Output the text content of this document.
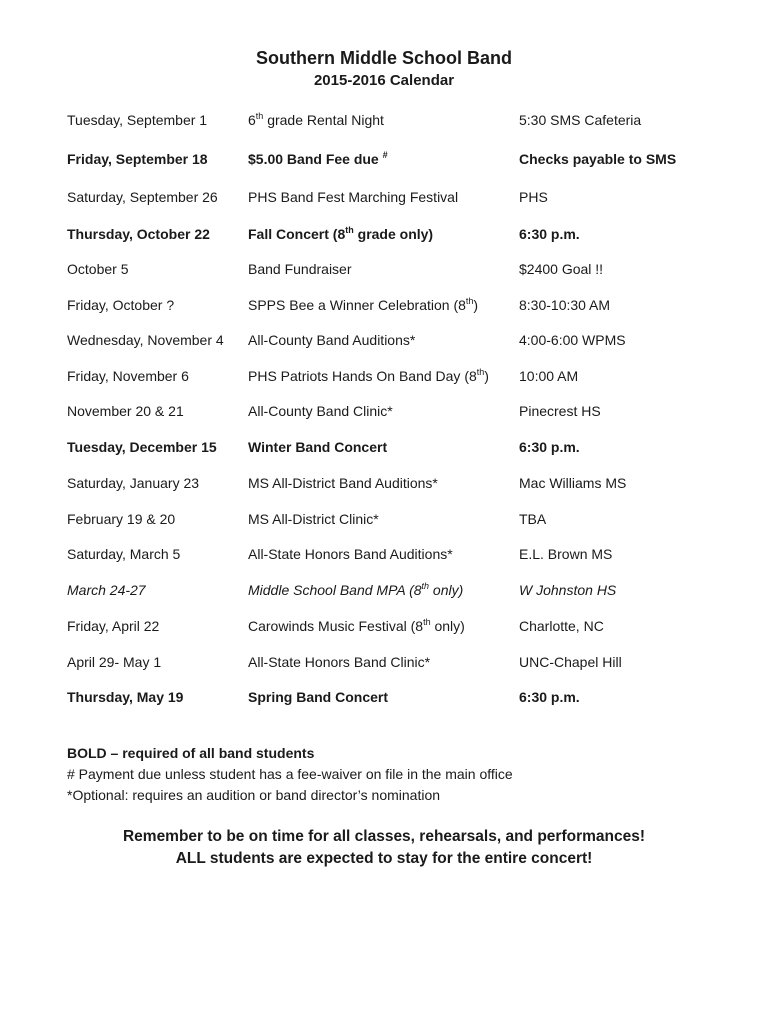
Southern Middle School Band
2015-2016 Calendar
Tuesday, September 1	6th grade Rental Night	5:30 SMS Cafeteria
Friday, September 18	$5.00 Band Fee due #	Checks payable to SMS
Saturday, September 26 PHS Band Fest Marching Festival	PHS
Thursday, October 22	Fall Concert (8th grade only)	6:30 p.m.
October 5	Band Fundraiser	$2400 Goal !!
Friday, October ?	SPPS Bee a Winner Celebration (8th)	8:30-10:30 AM
Wednesday, November 4 All-County Band Auditions*	4:00-6:00 WPMS
Friday, November 6	PHS Patriots Hands On Band Day (8th) 10:00 AM
November 20 & 21	All-County Band Clinic*	Pinecrest HS
Tuesday, December 15 Winter Band Concert	6:30 p.m.
Saturday, January 23	MS All-District Band Auditions*	Mac Williams MS
February 19 & 20	MS All-District Clinic*	TBA
Saturday, March 5	All-State Honors Band Auditions*	E.L. Brown MS
March 24-27	Middle School Band MPA (8th only)	W Johnston HS
Friday, April 22	Carowinds Music Festival (8th only)	Charlotte, NC
April 29- May 1	All-State Honors Band Clinic*	UNC-Chapel Hill
Thursday, May 19	Spring Band Concert	6:30 p.m.
BOLD – required of all band students
# Payment due unless student has a fee-waiver on file in the main office
*Optional: requires an audition or band director’s nomination
Remember to be on time for all classes, rehearsals, and performances!
ALL students are expected to stay for the entire concert!
